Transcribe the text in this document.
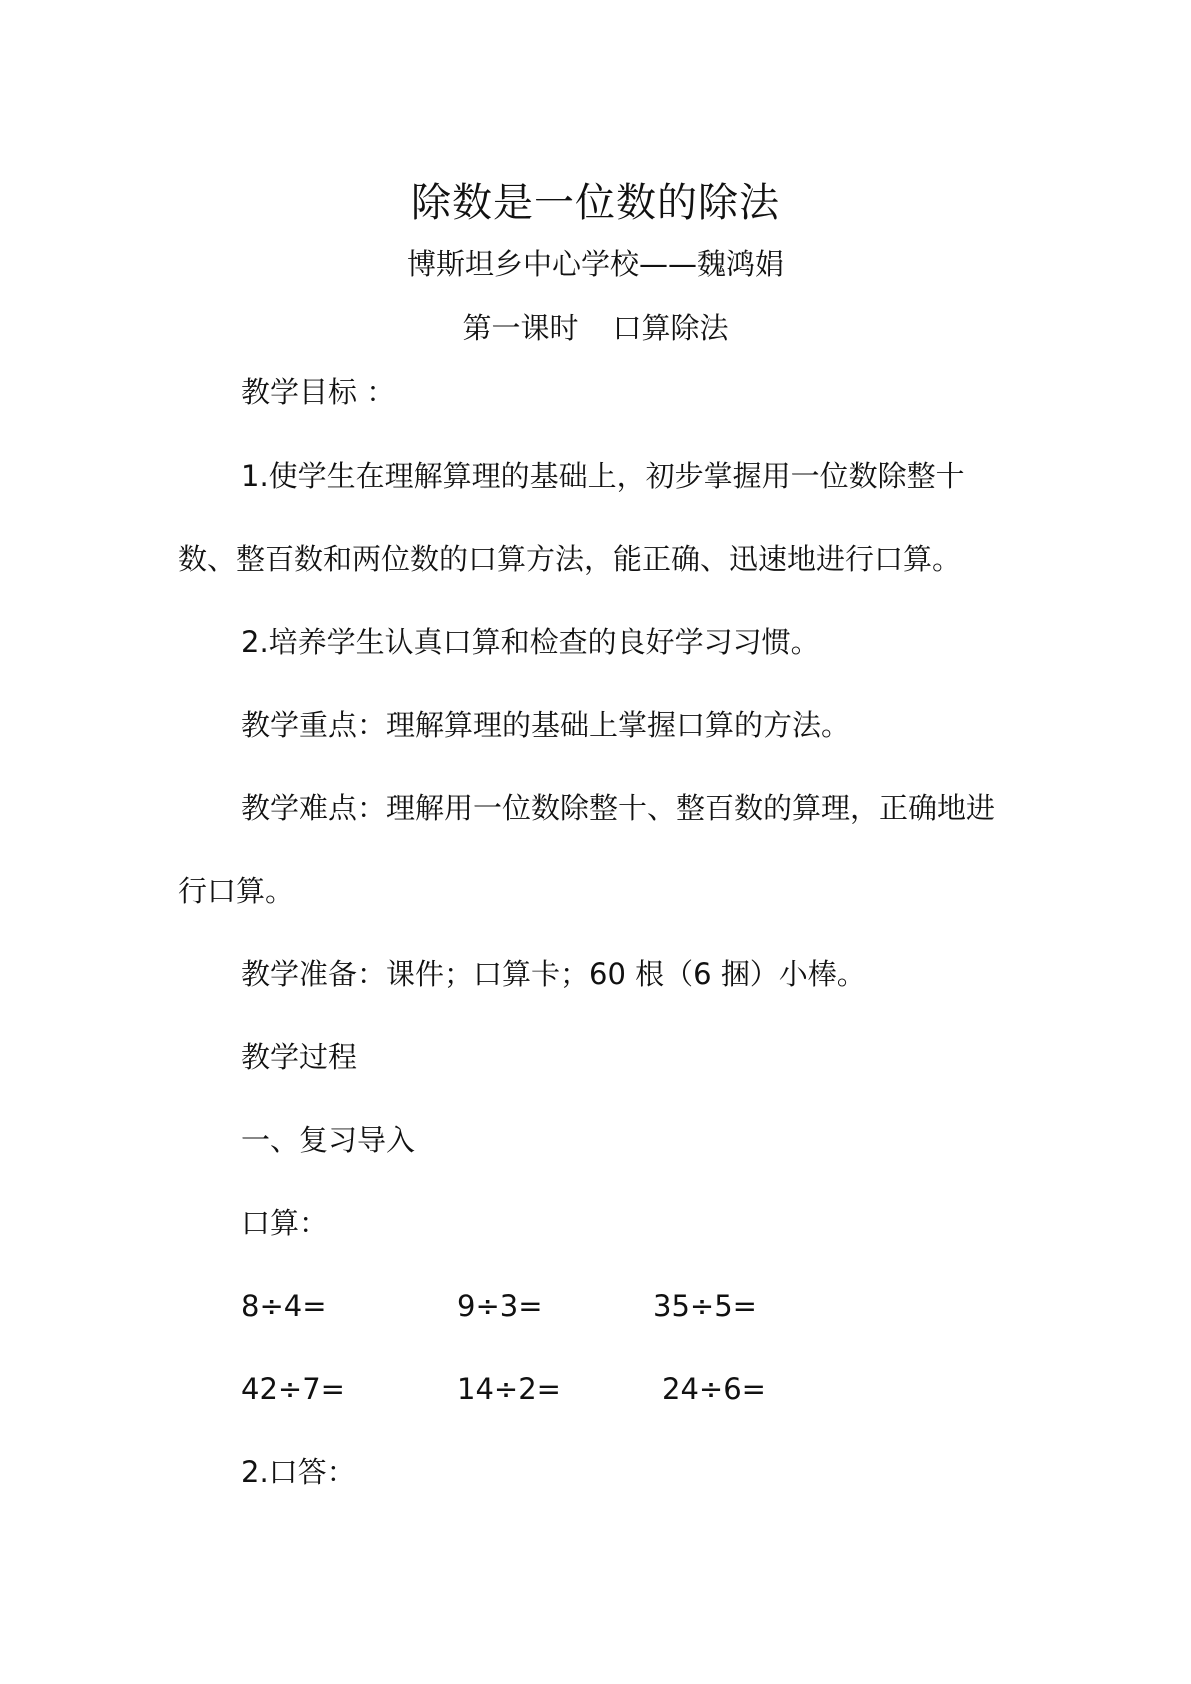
除数是一位数的除法
博斯坦乡中心学校——魏鸿娟
第一课时 口算除法
教学目标 ：
1.使学生在理解算理的基础上，初步掌握用一位数除整十
数、整百数和两位数的口算方法，能正确、迅速地进行口算。
2.培养学生认真口算和检查的良好学习习惯。
教学重点：理解算理的基础上掌握口算的方法。
教学难点：理解用一位数除整十、整百数的算理，正确地进
行口算。
教学准备：课件；口算卡；60 根（6 捆）小棒。
教学过程
一、复习导入
口算：
8÷4=	9÷3=	35÷5=
42÷7=	14÷2=	24÷6=
2.口答：
